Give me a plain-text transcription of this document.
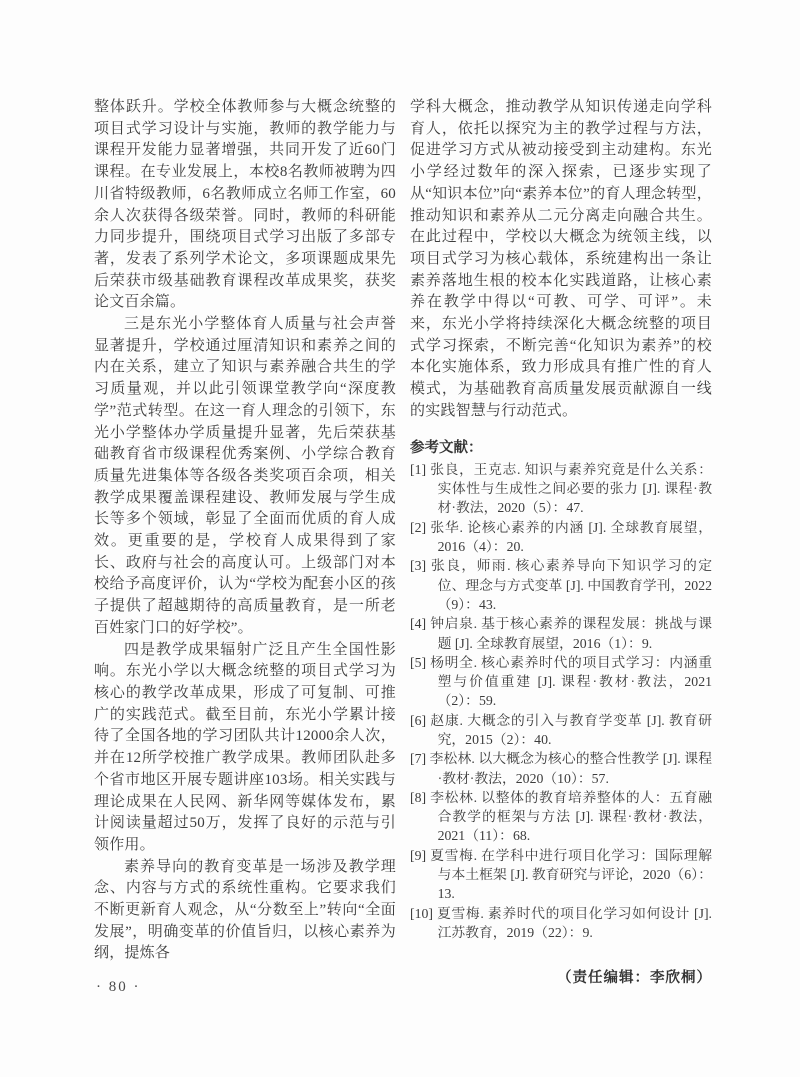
整体跃升。学校全体教师参与大概念统整的项目式学习设计与实施，教师的教学能力与课程开发能力显著增强，共同开发了近60门课程。在专业发展上，本校8名教师被聘为四川省特级教师，6名教师成立名师工作室，60余人次获得各级荣誉。同时，教师的科研能力同步提升，围绕项目式学习出版了多部专著，发表了系列学术论文，多项课题成果先后荣获市级基础教育课程改革成果奖，获奖论文百余篇。

三是东光小学整体育人质量与社会声誉显著提升，学校通过厘清知识和素养之间的内在关系，建立了知识与素养融合共生的学习质量观，并以此引领课堂教学向“深度教学”范式转型。在这一育人理念的引领下，东光小学整体办学质量提升显著，先后荣获基础教育省市级课程优秀案例、小学综合教育质量先进集体等各级各类奖项百余项，相关教学成果覆盖课程建设、教师发展与学生成长等多个领域，彰显了全面而优质的育人成效。更重要的是，学校育人成果得到了家长、政府与社会的高度认可。上级部门对本校给予高度评价，认为“学校为配套小区的孩子提供了超越期待的高质量教育，是一所老百姓家门口的好学校”。

四是教学成果辐射广泛且产生全国性影响。东光小学以大概念统整的项目式学习为核心的教学改革成果，形成了可复制、可推广的实践范式。截至目前，东光小学累计接待了全国各地的学习团队共计12000余人次，并在12所学校推广教学成果。教师团队赴多个省市地区开展专题讲座103场。相关实践与理论成果在人民网、新华网等媒体发布，累计阅读量超过50万，发挥了良好的示范与引领作用。

素养导向的教育变革是一场涉及教学理念、内容与方式的系统性重构。它要求我们不断更新育人观念，从“分数至上”转向“全面发展”，明确变革的价值旨归，以核心素养为纲，提炼各

学科大概念，推动教学从知识传递走向学科育人，依托以探究为主的教学过程与方法，促进学习方式从被动接受到主动建构。东光小学经过数年的深入探索，已逐步实现了从“知识本位”向“素养本位”的育人理念转型，推动知识和素养从二元分离走向融合共生。在此过程中，学校以大概念为统领主线，以项目式学习为核心载体，系统建构出一条让素养落地生根的校本化实践道路，让核心素养在教学中得以“可教、可学、可评”。未来，东光小学将持续深化大概念统整的项目式学习探索，不断完善“化知识为素养”的校本化实施体系，致力形成具有推广性的育人模式，为基础教育高质量发展贡献源自一线的实践智慧与行动范式。

参考文献：

[1] 张良，王克志. 知识与素养究竟是什么关系：实体性与生成性之间必要的张力 [J]. 课程·教材·教法，2020（5）：47.

[2] 张华. 论核心素养的内涵 [J]. 全球教育展望，2016（4）：20.

[3] 张良，师雨. 核心素养导向下知识学习的定位、理念与方式变革 [J]. 中国教育学刊，2022（9）：43.

[4] 钟启泉. 基于核心素养的课程发展：挑战与课题 [J]. 全球教育展望，2016（1）：9.

[5] 杨明全. 核心素养时代的项目式学习：内涵重塑与价值重建 [J]. 课程·教材·教法，2021（2）：59.

[6] 赵康. 大概念的引入与教育学变革 [J]. 教育研究，2015（2）：40.

[7] 李松林. 以大概念为核心的整合性教学 [J]. 课程·教材·教法，2020（10）：57.

[8] 李松林. 以整体的教育培养整体的人：五育融合教学的框架与方法 [J]. 课程·教材·教法，2021（11）：68.

[9] 夏雪梅. 在学科中进行项目化学习：国际理解与本土框架 [J]. 教育研究与评论，2020（6）：13.

[10] 夏雪梅. 素养时代的项目化学习如何设计 [J]. 江苏教育，2019（22）：9.

（责任编辑：李欣桐）
· 80 ·
